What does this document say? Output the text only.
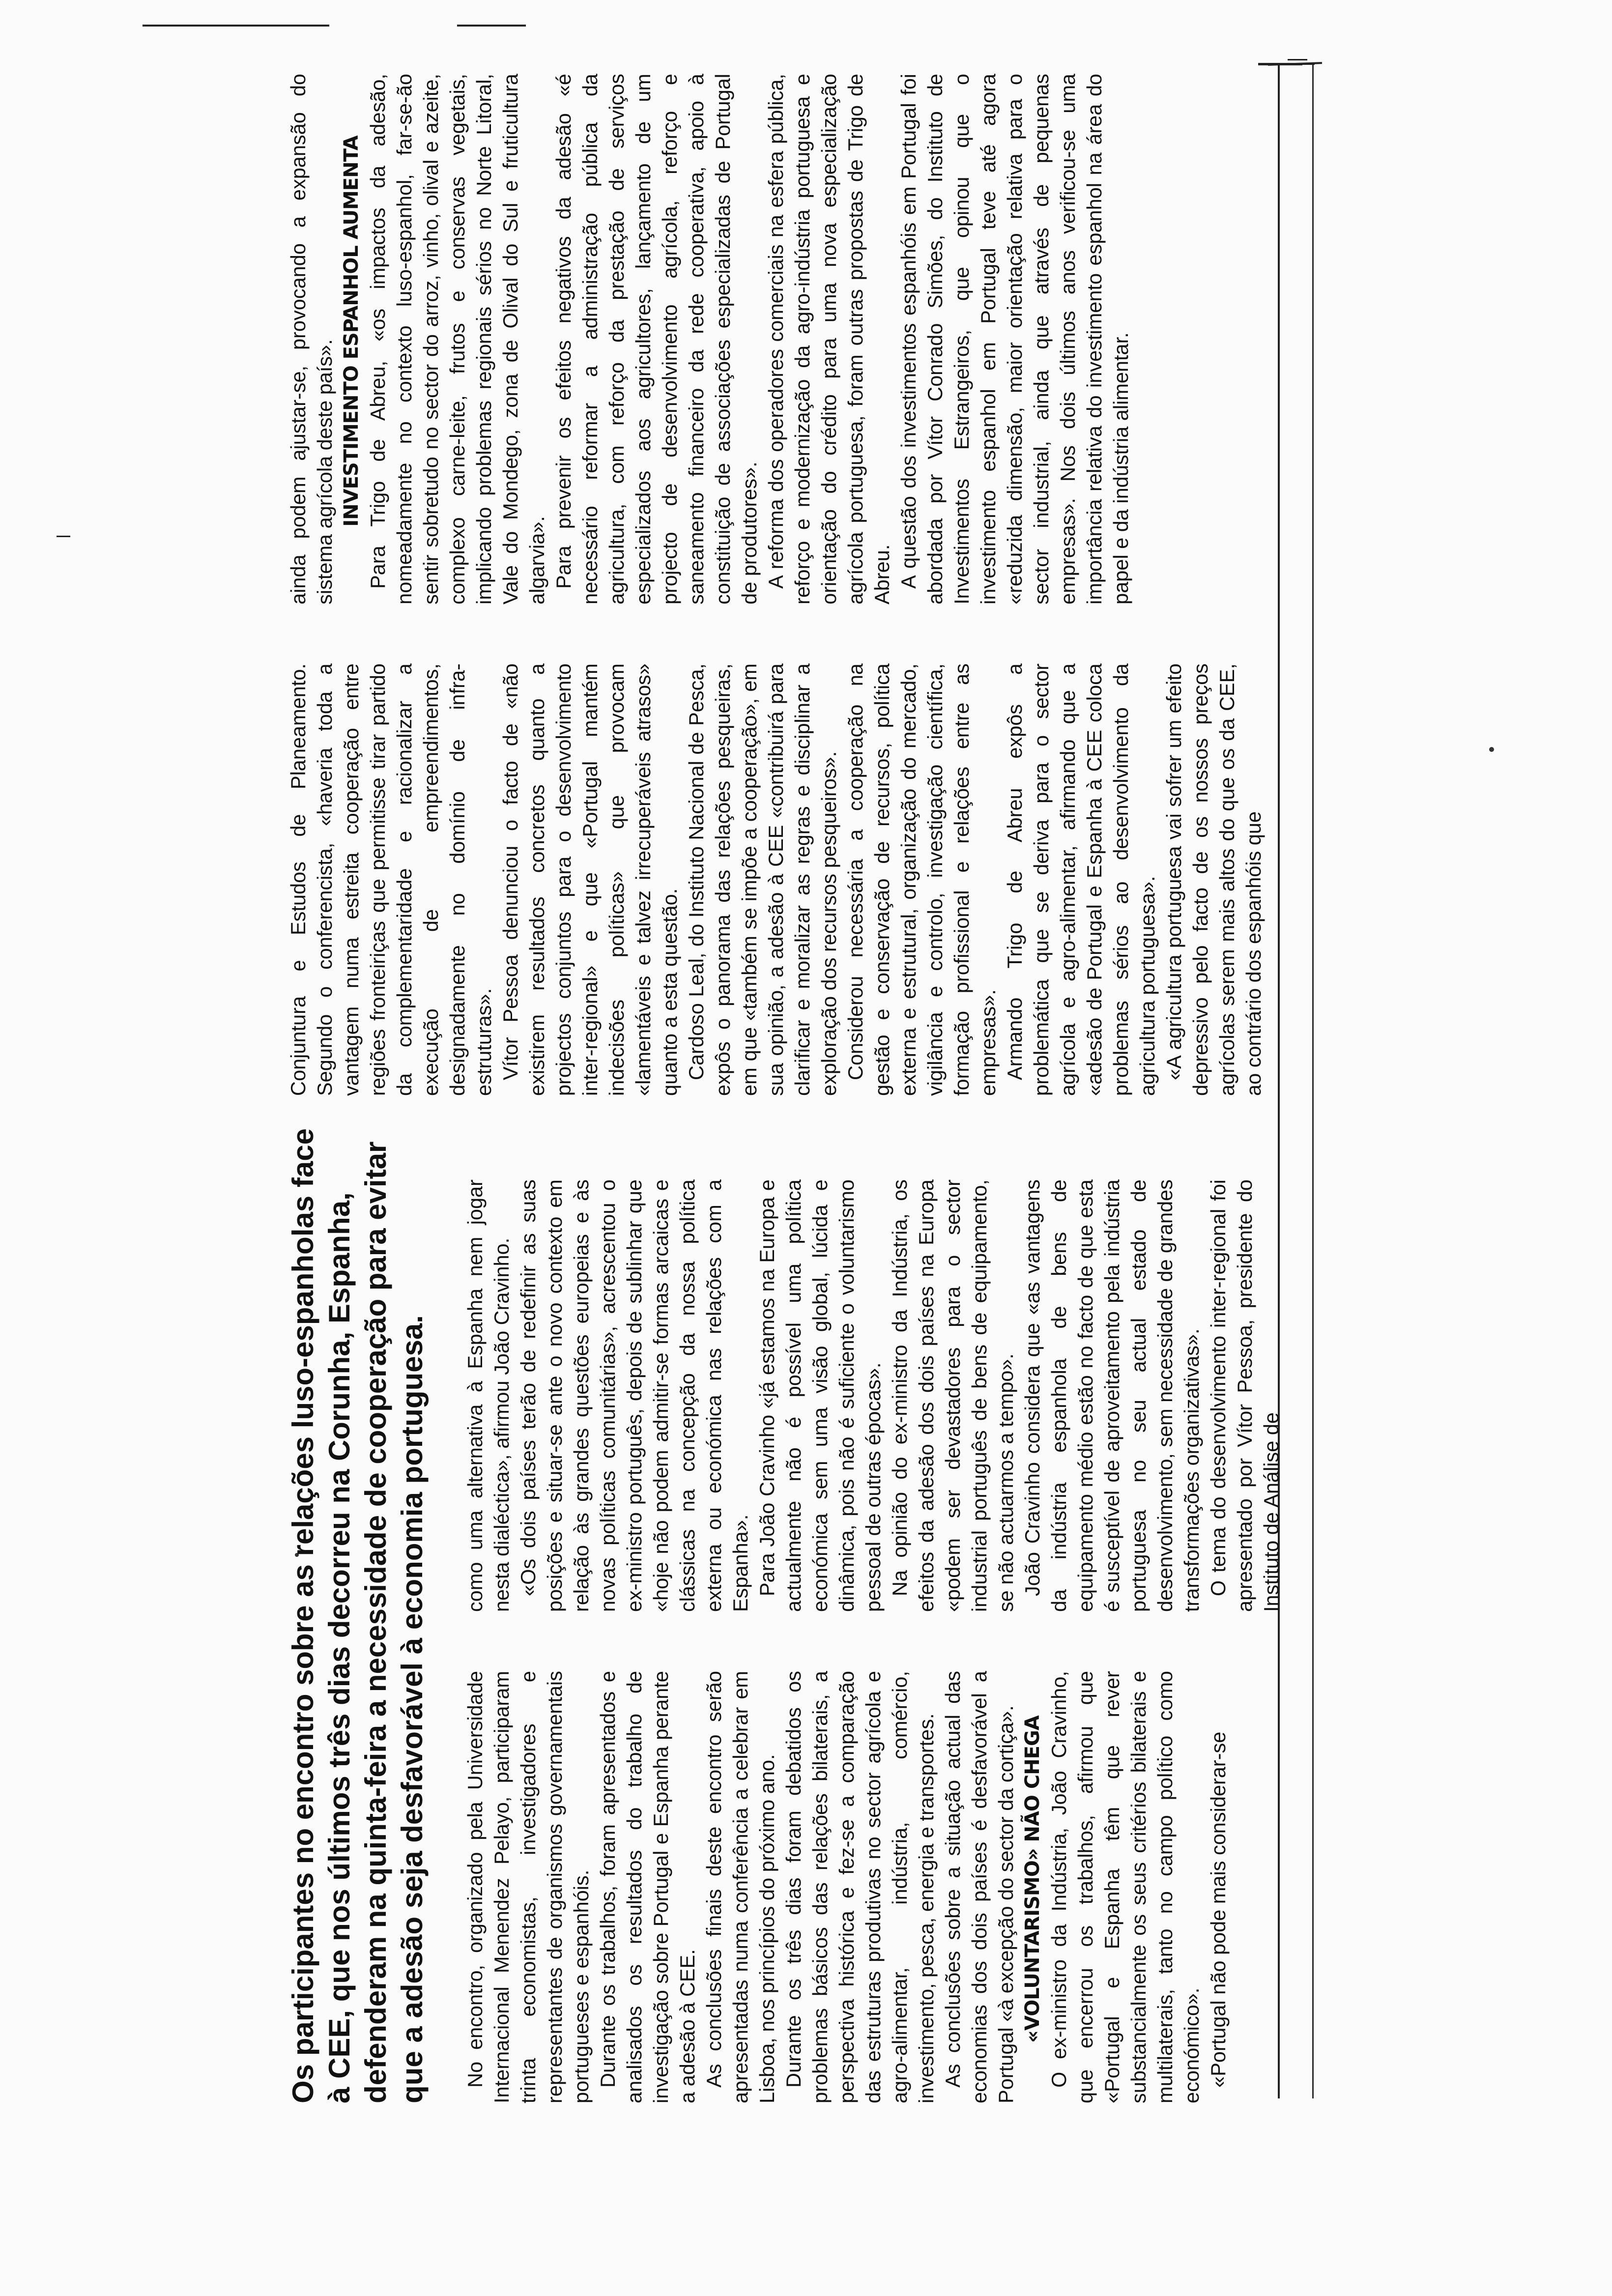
Os participantes no encontro sobre as relações luso-espanholas face à CEE, que nos últimos três dias decorreu na Corunha, Espanha, defenderam na quinta-feira a necessidade de cooperação para evitar que a adesão seja desfavorável à economia portuguesa. No encontro, organizado pela Universidade Internacional Menendez Pelayo, participaram trinta economistas, investigadores e representantes de organismos governamentais portugueses e espanhóis. Durante os trabalhos, foram apresentados e analisados os resultados do trabalho de investigação sobre Portugal e Espanha perante a adesão à CEE. As conclusões finais deste encontro serão apresentadas numa conferência a celebrar em Lisboa, nos princípios do próximo ano. Durante os três dias foram debatidos os problemas básicos das relações bilaterais, a perspectiva histórica e fez-se a comparação das estruturas produtivas no sector agrícola e agro-alimentar, indústria, comércio, investimento, pesca, energia e transportes. As conclusões sobre a situação actual das economias dos dois países é desfavorável a Portugal «à excepção do sector da cortiça». «VOLUNTARISMO» NÃO CHEGA O ex-ministro da Indústria, João Cravinho, que encerrou os trabalhos, afirmou que «Portugal e Espanha têm que rever substancialmente os seus critérios bilaterais e multilaterais, tanto no campo político como económico». «Portugal não pode mais considerar-se

como uma alternativa à Espanha nem jogar nesta dialéctica», afirmou João Cravinho. «Os dois países terão de redefinir as suas posições e situar-se ante o novo contexto em relação às grandes questões europeias e às novas políticas comunitárias», acrescentou o ex-ministro português, depois de sublinhar que «hoje não podem admitir-se formas arcaicas e clássicas na concepção da nossa política externa ou económica nas relações com a Espanha». Para João Cravinho «já estamos na Europa e actualmente não é possível uma política económica sem uma visão global, lúcida e dinâmica, pois não é suficiente o voluntarismo pessoal de outras épocas». Na opinião do ex-ministro da Indústria, os efeitos da adesão dos dois países na Europa «podem ser devastadores para o sector industrial português de bens de equipamento, se não actuarmos a tempo». João Cravinho considera que «as vantagens da indústria espanhola de bens de equipamento médio estão no facto de que esta é susceptível de aproveitamento pela indústria portuguesa no seu actual estado de desenvolvimento, sem necessidade de grandes transformações organizativas». O tema do desenvolvimento inter-regional foi apresentado por Vítor Pessoa, presidente do Instituto de Análise de

Conjuntura e Estudos de Planeamento. Segundo o conferencista, «haveria toda a vantagem numa estreita cooperação entre regiões fronteiriças que permitisse tirar partido da complementaridade e racionalizar a execução de empreendimentos, designadamente no domínio de infra-estruturas». Vítor Pessoa denunciou o facto de «não existirem resultados concretos quanto a projectos conjuntos para o desenvolvimento inter-regional» e que «Portugal mantém indecisões políticas» que provocam «lamentáveis e talvez irrecuperáveis atrasos» quanto a esta questão. Cardoso Leal, do Instituto Nacional de Pesca, expôs o panorama das relações pesqueiras, em que «também se impõe a cooperação», em sua opinião, a adesão à CEE «contribuirá para clarificar e moralizar as regras e disciplinar a exploração dos recursos pesqueiros». Considerou necessária a cooperação na gestão e conservação de recursos, política externa e estrutural, organização do mercado, vigilância e controlo, investigação científica, formação profissional e relações entre as empresas». Armando Trigo de Abreu expôs a problemática que se deriva para o sector agrícola e agro-alimentar, afirmando que a «adesão de Portugal e Espanha à CEE coloca problemas sérios ao desenvolvimento da agricultura portuguesa». «A agricultura portuguesa vai sofrer um efeito depressivo pelo facto de os nossos preços agrícolas serem mais altos do que os da CEE, ao contrário dos espanhóis que

ainda podem ajustar-se, provocando a expansão do sistema agrícola deste país». INVESTIMENTO ESPANHOL AUMENTA Para Trigo de Abreu, «os impactos da adesão, nomeadamente no contexto luso-espanhol, far-se-ão sentir sobretudo no sector do arroz, vinho, olival e azeite, complexo carne-leite, frutos e conservas vegetais, implicando problemas regionais sérios no Norte Litoral, Vale do Mondego, zona de Olival do Sul e fruticultura algarvia». Para prevenir os efeitos negativos da adesão «é necessário reformar a administração pública da agricultura, com reforço da prestação de serviços especializados aos agricultores, lançamento de um projecto de desenvolvimento agrícola, reforço e saneamento financeiro da rede cooperativa, apoio à constituição de associações especializadas de Portugal de produtores». A reforma dos operadores comerciais na esfera pública, reforço e modernização da agro-indústria portuguesa e orientação do crédito para uma nova especialização agrícola portuguesa, foram outras propostas de Trigo de Abreu. A questão dos investimentos espanhóis em Portugal foi abordada por Vítor Conrado Simões, do Instituto de Investimentos Estrangeiros, que opinou que o investimento espanhol em Portugal teve até agora «reduzida dimensão, maior orientação relativa para o sector industrial, ainda que através de pequenas empresas». Nos dois últimos anos verificou-se uma importância relativa do investimento espanhol na área do papel e da indústria alimentar.
